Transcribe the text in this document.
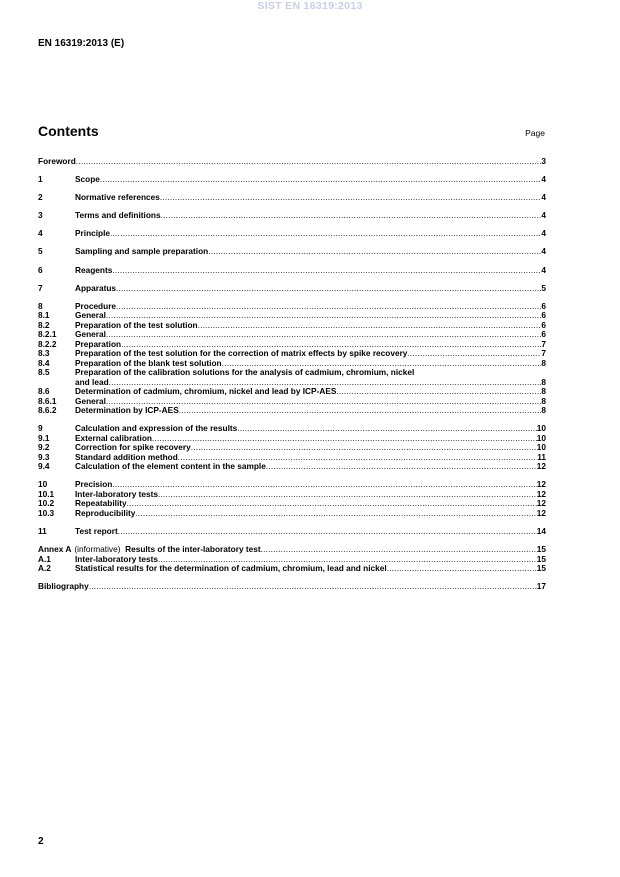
SIST EN 16319:2013
EN 16319:2013 (E)
Contents	Page
Foreword .....	3
1	Scope .....	4
2	Normative references .....	4
3	Terms and definitions .....	4
4	Principle .....	4
5	Sampling and sample preparation .....	4
6	Reagents .....	4
7	Apparatus .....	5
8	Procedure .....	6
8.1	General .....	6
8.2	Preparation of the test solution .....	6
8.2.1	General .....	6
8.2.2	Preparation .....	7
8.3	Preparation of the test solution for the correction of matrix effects by spike recovery .....	7
8.4	Preparation of the blank test solution .....	8
8.5	Preparation of the calibration solutions for the analysis of cadmium, chromium, nickel
and lead .....	8
8.6	Determination of cadmium, chromium, nickel and lead by ICP-AES .....	8
8.6.1	General .....	8
8.6.2	Determination by ICP-AES .....	8
9	Calculation and expression of the results .....	10
9.1	External calibration .....	10
9.2	Correction for spike recovery .....	10
9.3	Standard addition method .....	11
9.4	Calculation of the element content in the sample .....	12
10	Precision .....	12
10.1	Inter-laboratory tests .....	12
10.2	Repeatability .....	12
10.3	Reproducibility .....	12
11	Test report .....	14
Annex A (informative) Results of the inter-laboratory test .....	15
A.1	Inter-laboratory tests .....	15
A.2	Statistical results for the determination of cadmium, chromium, lead and nickel .....	15
Bibliography .....	17
2
